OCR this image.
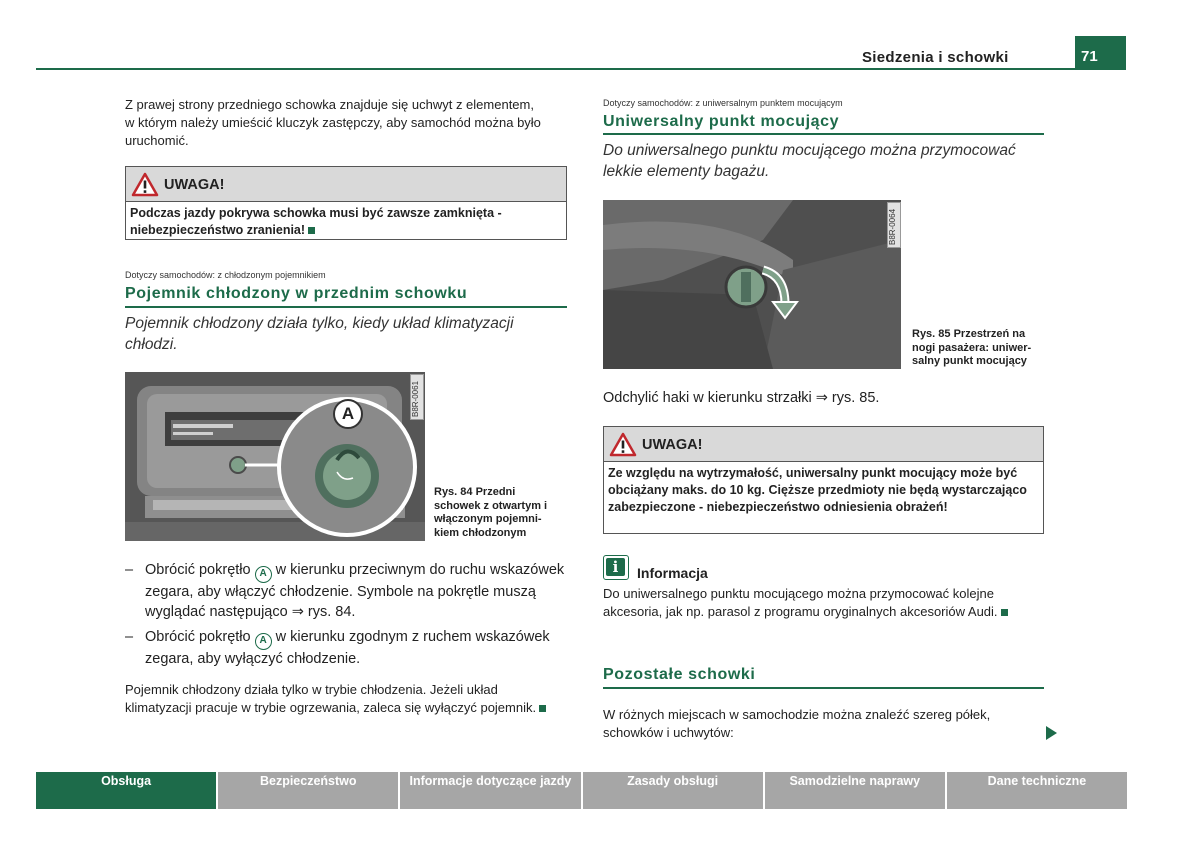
Siedzenia i schowki	71
Z prawej strony przedniego schowka znajduje się uchwyt z elementem, w którym należy umieścić kluczyk zastępczy, aby samochód można było uruchomić.
UWAGA!
Podczas jazdy pokrywa schowka musi być zawsze zamknięta - niebezpieczeństwo zranienia!
Dotyczy samochodów: z chłodzonym pojemnikiem
Pojemnik chłodzony w przednim schowku
Pojemnik chłodzony działa tylko, kiedy układ klimatyzacji chłodzi.
A	B8R-0061
Rys. 84 Przedni
schowek z otwartym i
włączonym pojemni-
kiem chłodzonym
– Obrócić pokrętło A w kierunku przeciwnym do ruchu wskazówek zegara, aby włączyć chłodzenie. Symbole na pokrętle muszą wyglądać następująco ⇒ rys. 84.
– Obrócić pokrętło A w kierunku zgodnym z ruchem wskazówek zegara, aby wyłączyć chłodzenie.
Pojemnik chłodzony działa tylko w trybie chłodzenia. Jeżeli układ klimatyzacji pracuje w trybie ogrzewania, zaleca się wyłączyć pojemnik.
Dotyczy samochodów: z uniwersalnym punktem mocującym
Uniwersalny punkt mocujący
Do uniwersalnego punktu mocującego można przymocować lekkie elementy bagażu.
B8R-0064
Rys. 85 Przestrzeń na
nogi pasażera: uniwer-
salny punkt mocujący
Odchylić haki w kierunku strzałki ⇒ rys. 85.
UWAGA!
Ze względu na wytrzymałość, uniwersalny punkt mocujący może być obciążany maks. do 10 kg. Cięższe przedmioty nie będą wystarczająco zabezpieczone - niebezpieczeństwo odniesienia obrażeń!
i	Informacja
Do uniwersalnego punktu mocującego można przymocować kolejne akcesoria, jak np. parasol z programu oryginalnych akcesoriów Audi.
Pozostałe schowki
W różnych miejscach w samochodzie można znaleźć szereg półek, schowków i uchwytów:
Obsługa	Bezpieczeństwo	Informacje dotyczące jazdy	Zasady obsługi	Samodzielne naprawy	Dane techniczne
